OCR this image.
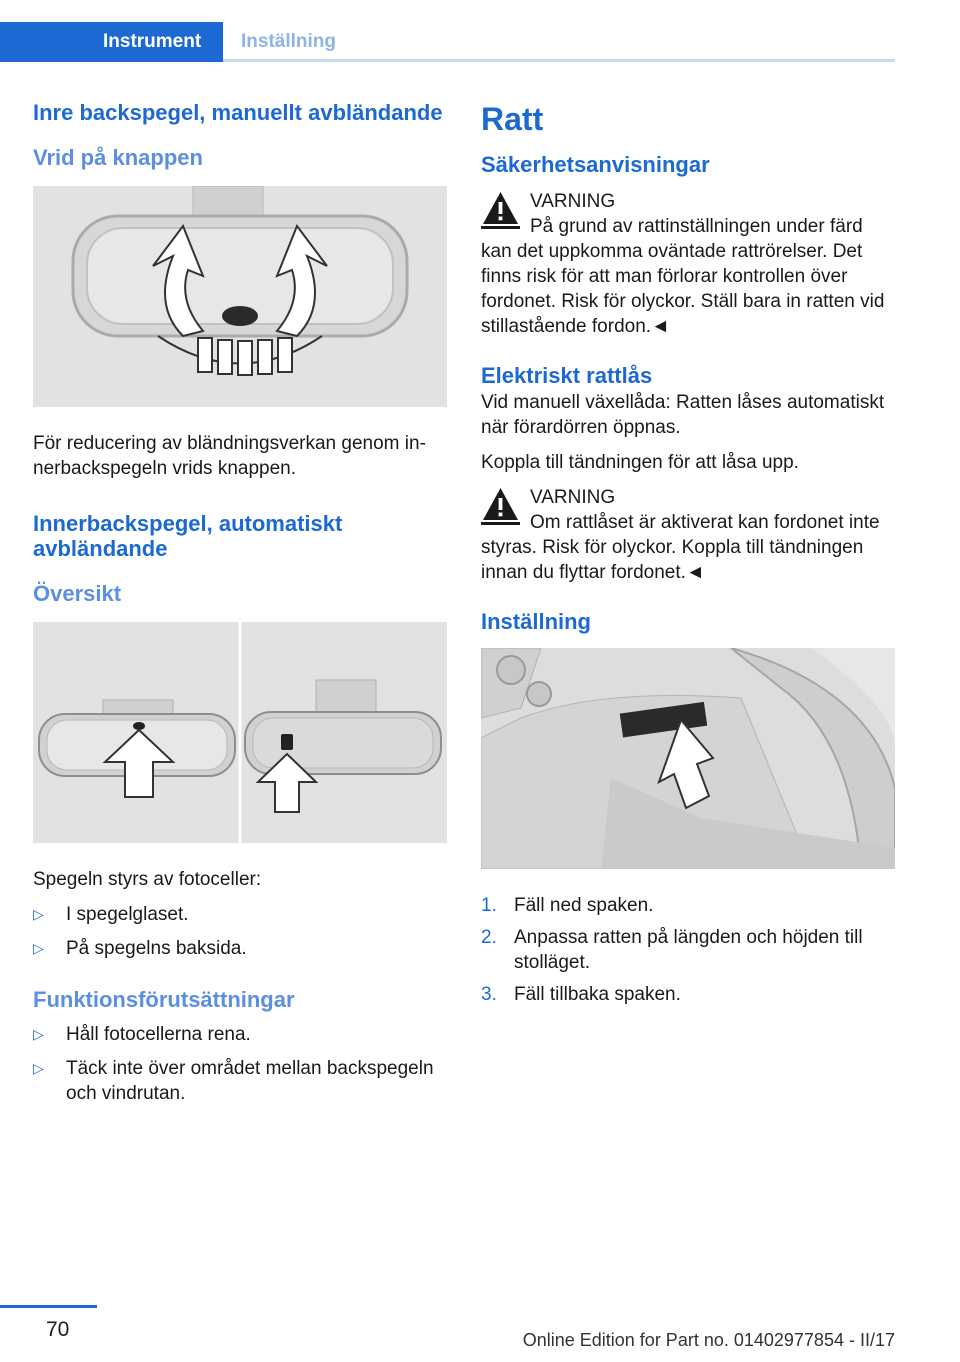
Instrument	Inställning
Inre backspegel, manuellt avbländande
Vrid på knappen

För reducering av bländningsverkan genom innerbackspegeln vrids knappen.

Innerbackspegel, automatiskt avbländande
Översikt

Spegeln styrs av fotoceller:

▷ I spegelglaset.
▷ På spegelns baksida.
Funktionsförutsättningar
▷ Håll fotocellerna rena.
▷ Täck inte över området mellan backspegeln och vindrutan.
Ratt
Säkerhetsanvisningar

VARNING

På grund av rattinställningen under färd kan det uppkomma oväntade rattrörelser. Det finns risk för att man förlorar kontrollen över fordonet. Risk för olyckor. Ställ bara in ratten vid stillastående fordon.◄

Elektriskt rattlås

Vid manuell växellåda: Ratten låses automatiskt när förardörren öppnas.

Koppla till tändningen för att låsa upp.

VARNING

Om rattlåset är aktiverat kan fordonet inte styras. Risk för olyckor. Koppla till tändningen innan du flyttar fordonet.◄

Inställning
1. Fäll ned spaken.
2. Anpassa ratten på längden och höjden till stolläget.
3. Fäll tillbaka spaken.
70	Online Edition for Part no. 01402977854 - II/17
